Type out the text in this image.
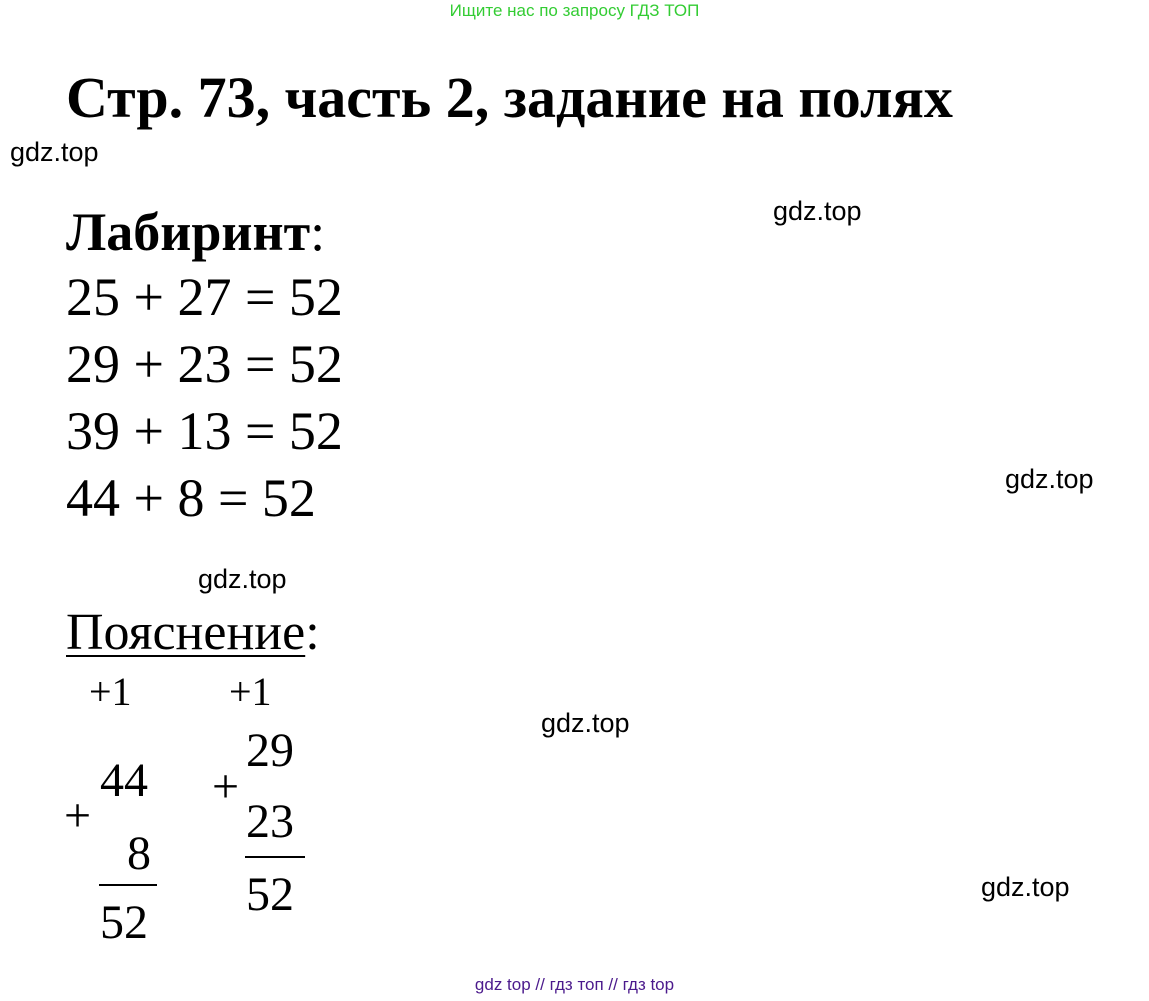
Ищите нас по запросу ГДЗ ТОП
Стр. 73, часть 2, задание на полях
gdz.top
gdz.top
gdz.top
gdz.top
gdz.top
gdz.top
Лабиринт:
25 + 27 = 52
29 + 23 = 52
39 + 13 = 52
44 + 8 = 52
Пояснение:
+1
44
+
8
52
+1
29
+
23
52
gdz top // гдз топ // гдз top
